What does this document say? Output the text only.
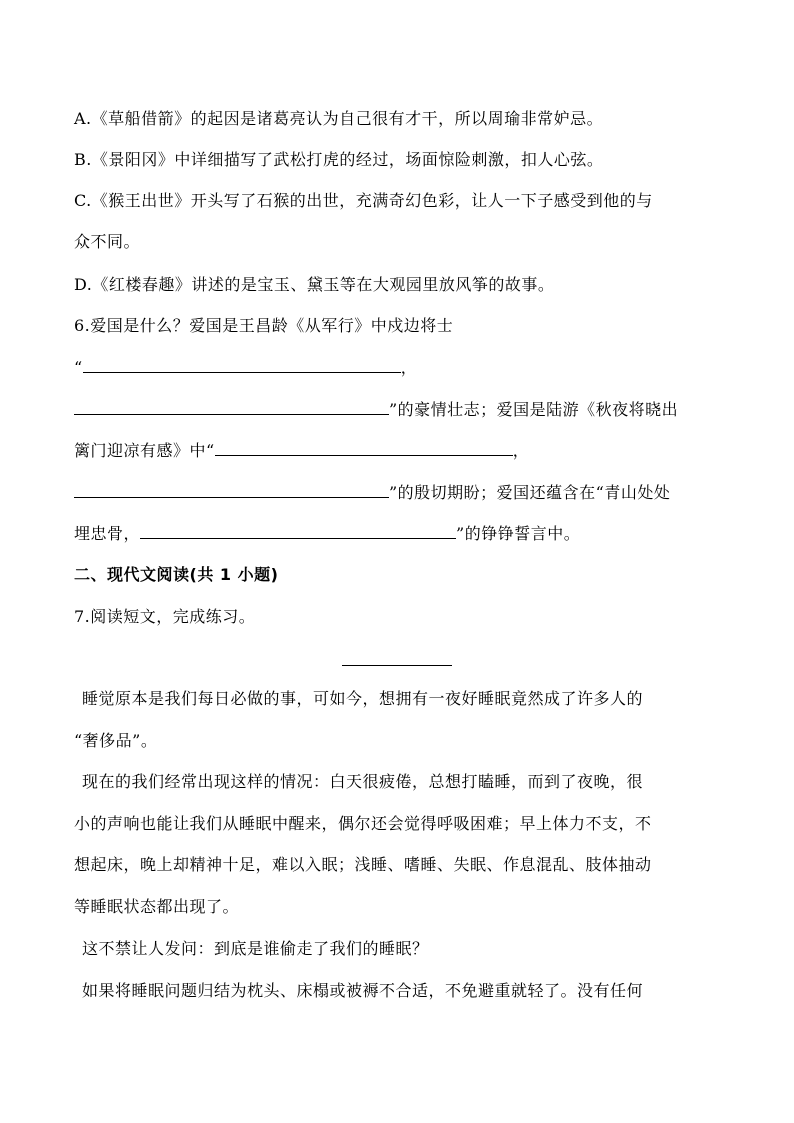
A.《草船借箭》的起因是诸葛亮认为自己很有才干，所以周瑜非常妒忌。
B.《景阳冈》中详细描写了武松打虎的经过，场面惊险刺激，扣人心弦。
C.《猴王出世》开头写了石猴的出世，充满奇幻色彩，让人一下子感受到他的与
众不同。
D.《红楼春趣》讲述的是宝玉、黛玉等在大观园里放风筝的故事。
6.爱国是什么？爱国是王昌龄《从军行》中戍边将士
“	，
”的豪情壮志；爱国是陆游《秋夜将晓出
篱门迎凉有感》中“	，
”的殷切期盼；爱国还蕴含在“青山处处
埋忠骨，	”的铮铮誓言中。
二、现代文阅读(共 1 小题)
7.阅读短文，完成练习。
睡觉原本是我们每日必做的事，可如今，想拥有一夜好睡眠竟然成了许多人的
“奢侈品”。
现在的我们经常出现这样的情况：白天很疲倦，总想打瞌睡，而到了夜晚，很
小的声响也能让我们从睡眠中醒来，偶尔还会觉得呼吸困难；早上体力不支，不
想起床，晚上却精神十足，难以入眠；浅睡、嗜睡、失眠、作息混乱、肢体抽动
等睡眠状态都出现了。
这不禁让人发问：到底是谁偷走了我们的睡眠？
如果将睡眠问题归结为枕头、床榻或被褥不合适，不免避重就轻了。没有任何
